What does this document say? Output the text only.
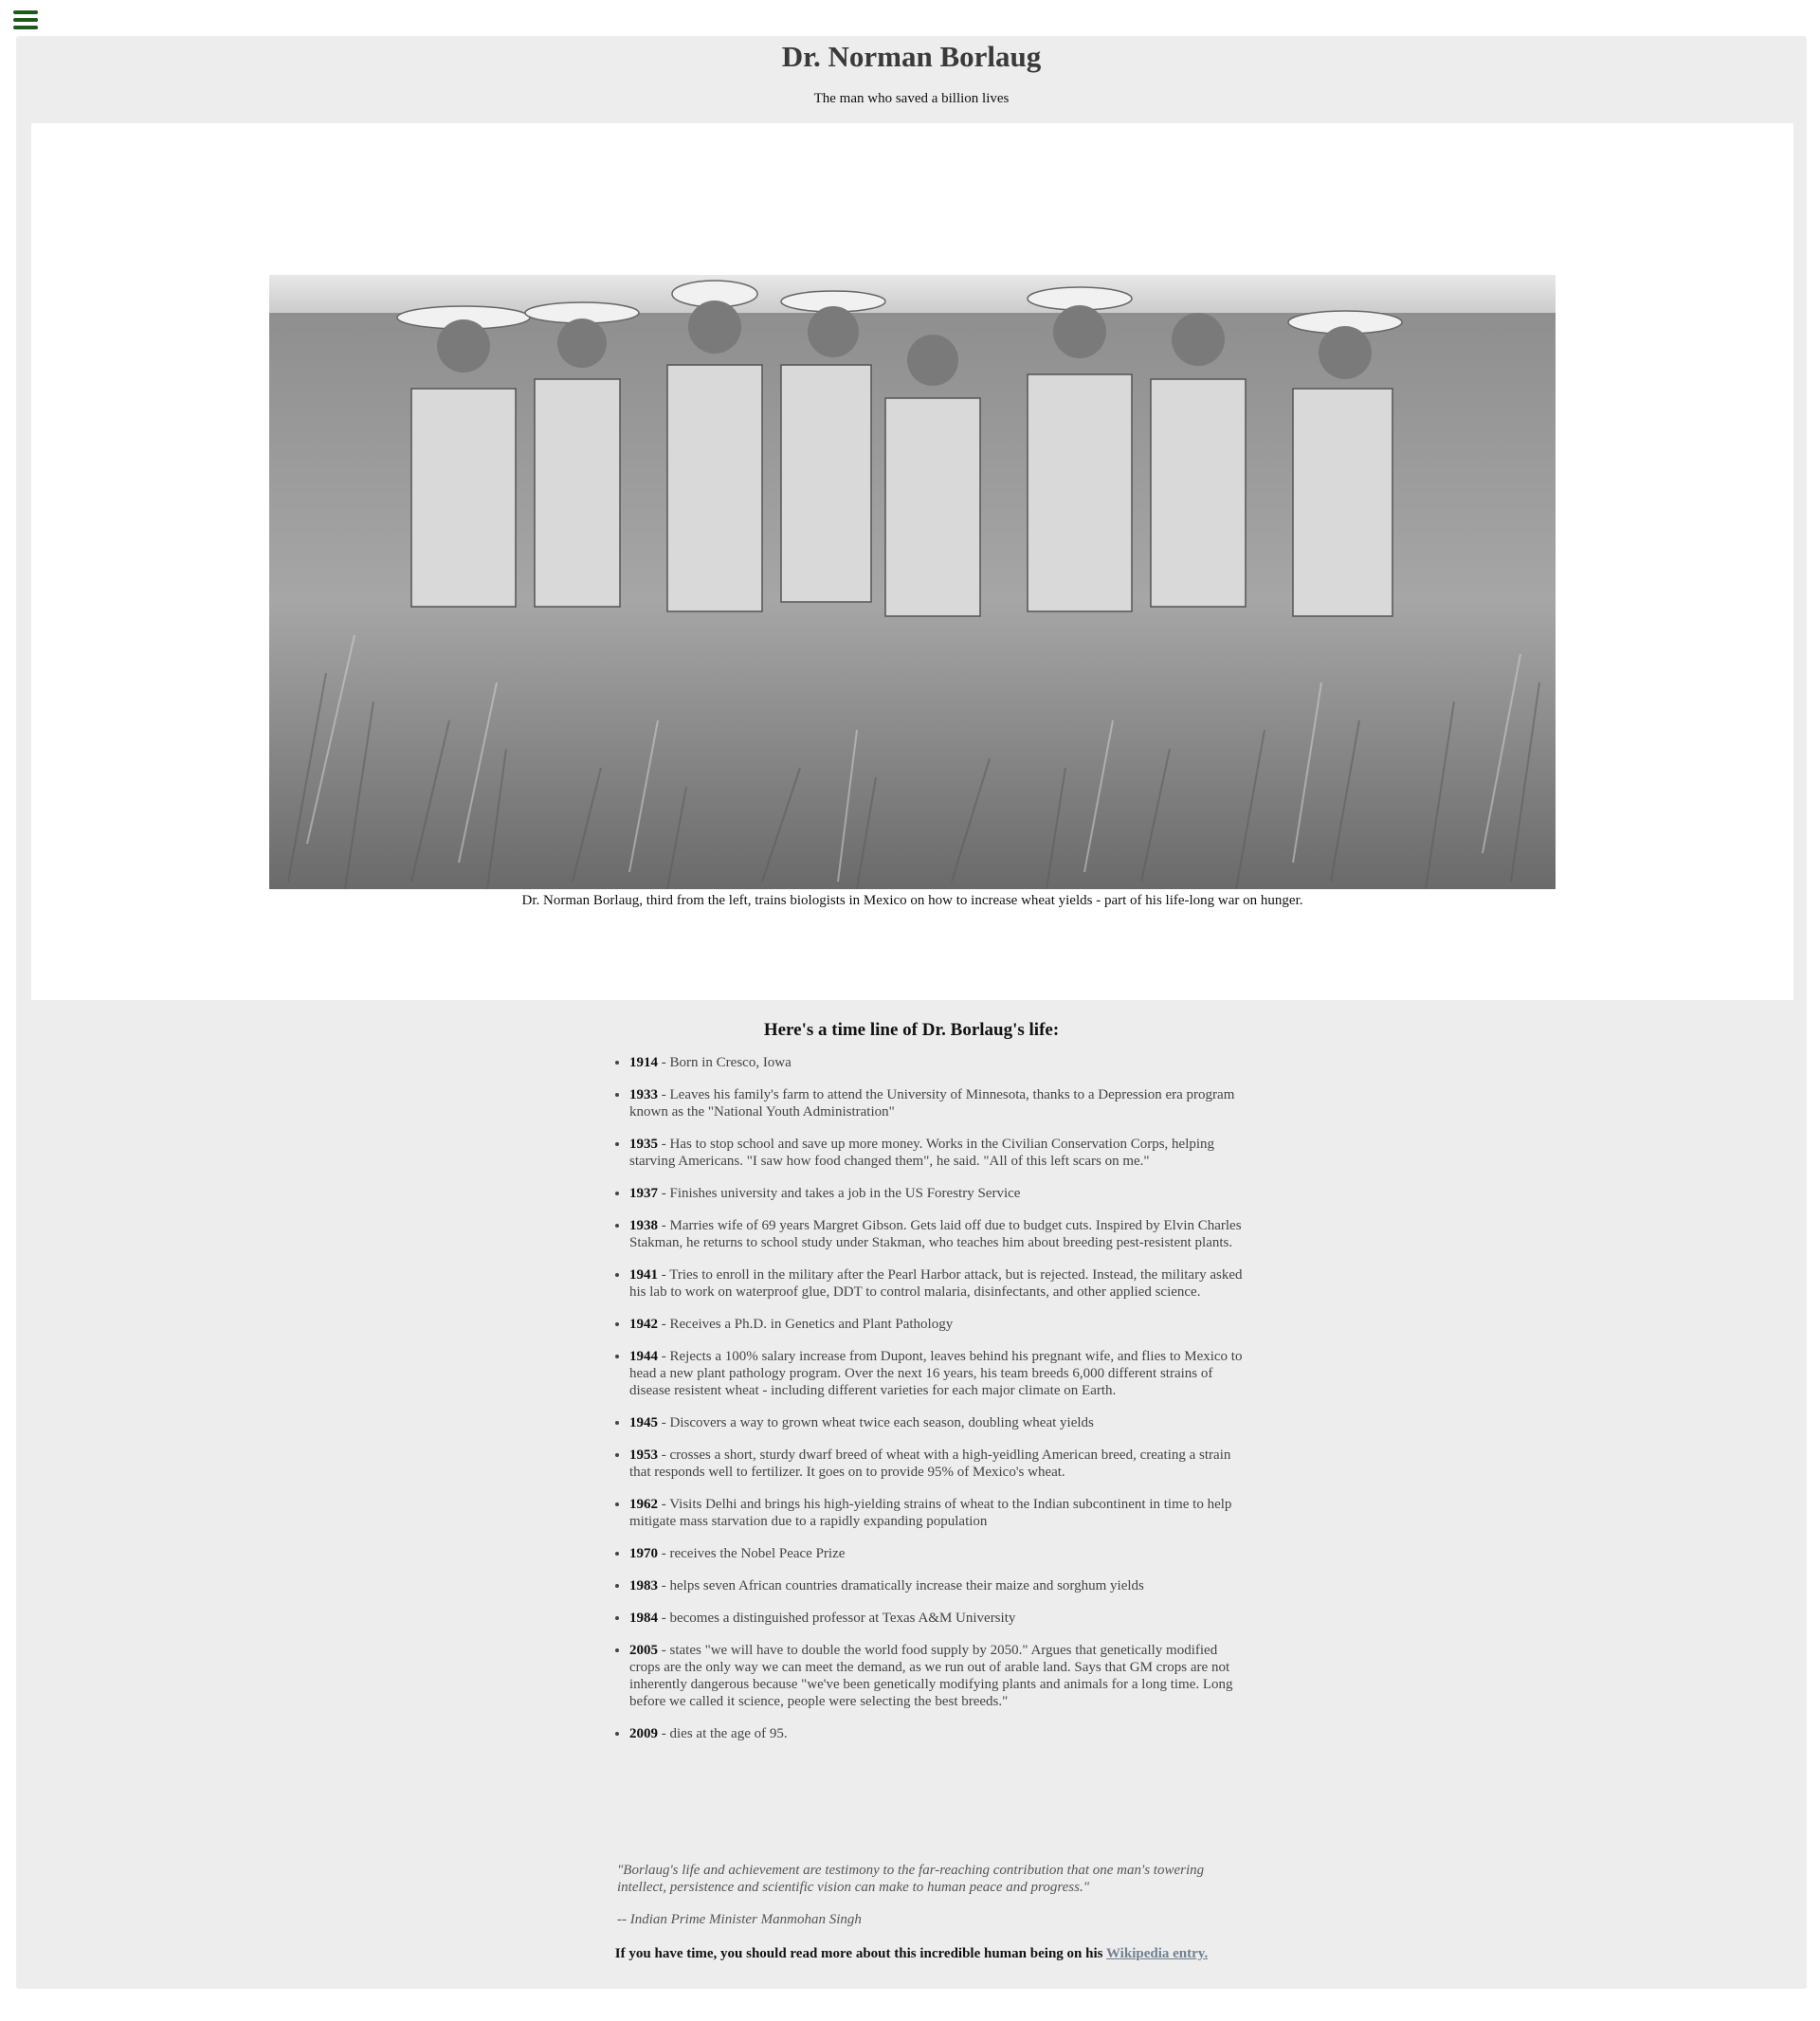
Dr. Norman Borlaug
The man who saved a billion lives
Dr. Norman Borlaug, third from the left, trains biologists in Mexico on how to increase wheat yields - part of his life-long war on hunger.
Here's a time line of Dr. Borlaug's life:
• 1914 - Born in Cresco, Iowa
• 1933 - Leaves his family's farm to attend the University of Minnesota, thanks to a Depression era program known as the "National Youth Administration"
• 1935 - Has to stop school and save up more money. Works in the Civilian Conservation Corps, helping starving Americans. "I saw how food changed them", he said. "All of this left scars on me."
• 1937 - Finishes university and takes a job in the US Forestry Service
• 1938 - Marries wife of 69 years Margret Gibson. Gets laid off due to budget cuts. Inspired by Elvin Charles Stakman, he returns to school study under Stakman, who teaches him about breeding pest-resistent plants.
• 1941 - Tries to enroll in the military after the Pearl Harbor attack, but is rejected. Instead, the military asked his lab to work on waterproof glue, DDT to control malaria, disinfectants, and other applied science.
• 1942 - Receives a Ph.D. in Genetics and Plant Pathology
• 1944 - Rejects a 100% salary increase from Dupont, leaves behind his pregnant wife, and flies to Mexico to head a new plant pathology program. Over the next 16 years, his team breeds 6,000 different strains of disease resistent wheat - including different varieties for each major climate on Earth.
• 1945 - Discovers a way to grown wheat twice each season, doubling wheat yields
• 1953 - crosses a short, sturdy dwarf breed of wheat with a high-yeidling American breed, creating a strain that responds well to fertilizer. It goes on to provide 95% of Mexico's wheat.
• 1962 - Visits Delhi and brings his high-yielding strains of wheat to the Indian subcontinent in time to help mitigate mass starvation due to a rapidly expanding population
• 1970 - receives the Nobel Peace Prize
• 1983 - helps seven African countries dramatically increase their maize and sorghum yields
• 1984 - becomes a distinguished professor at Texas A&M University
• 2005 - states "we will have to double the world food supply by 2050." Argues that genetically modified crops are the only way we can meet the demand, as we run out of arable land. Says that GM crops are not inherently dangerous because "we've been genetically modifying plants and animals for a long time. Long before we called it science, people were selecting the best breeds."
• 2009 - dies at the age of 95.

"Borlaug's life and achievement are testimony to the far-reaching contribution that one man's towering intellect, persistence and scientific vision can make to human peace and progress."

-- Indian Prime Minister Manmohan Singh

If you have time, you should read more about this incredible human being on his Wikipedia entry.
